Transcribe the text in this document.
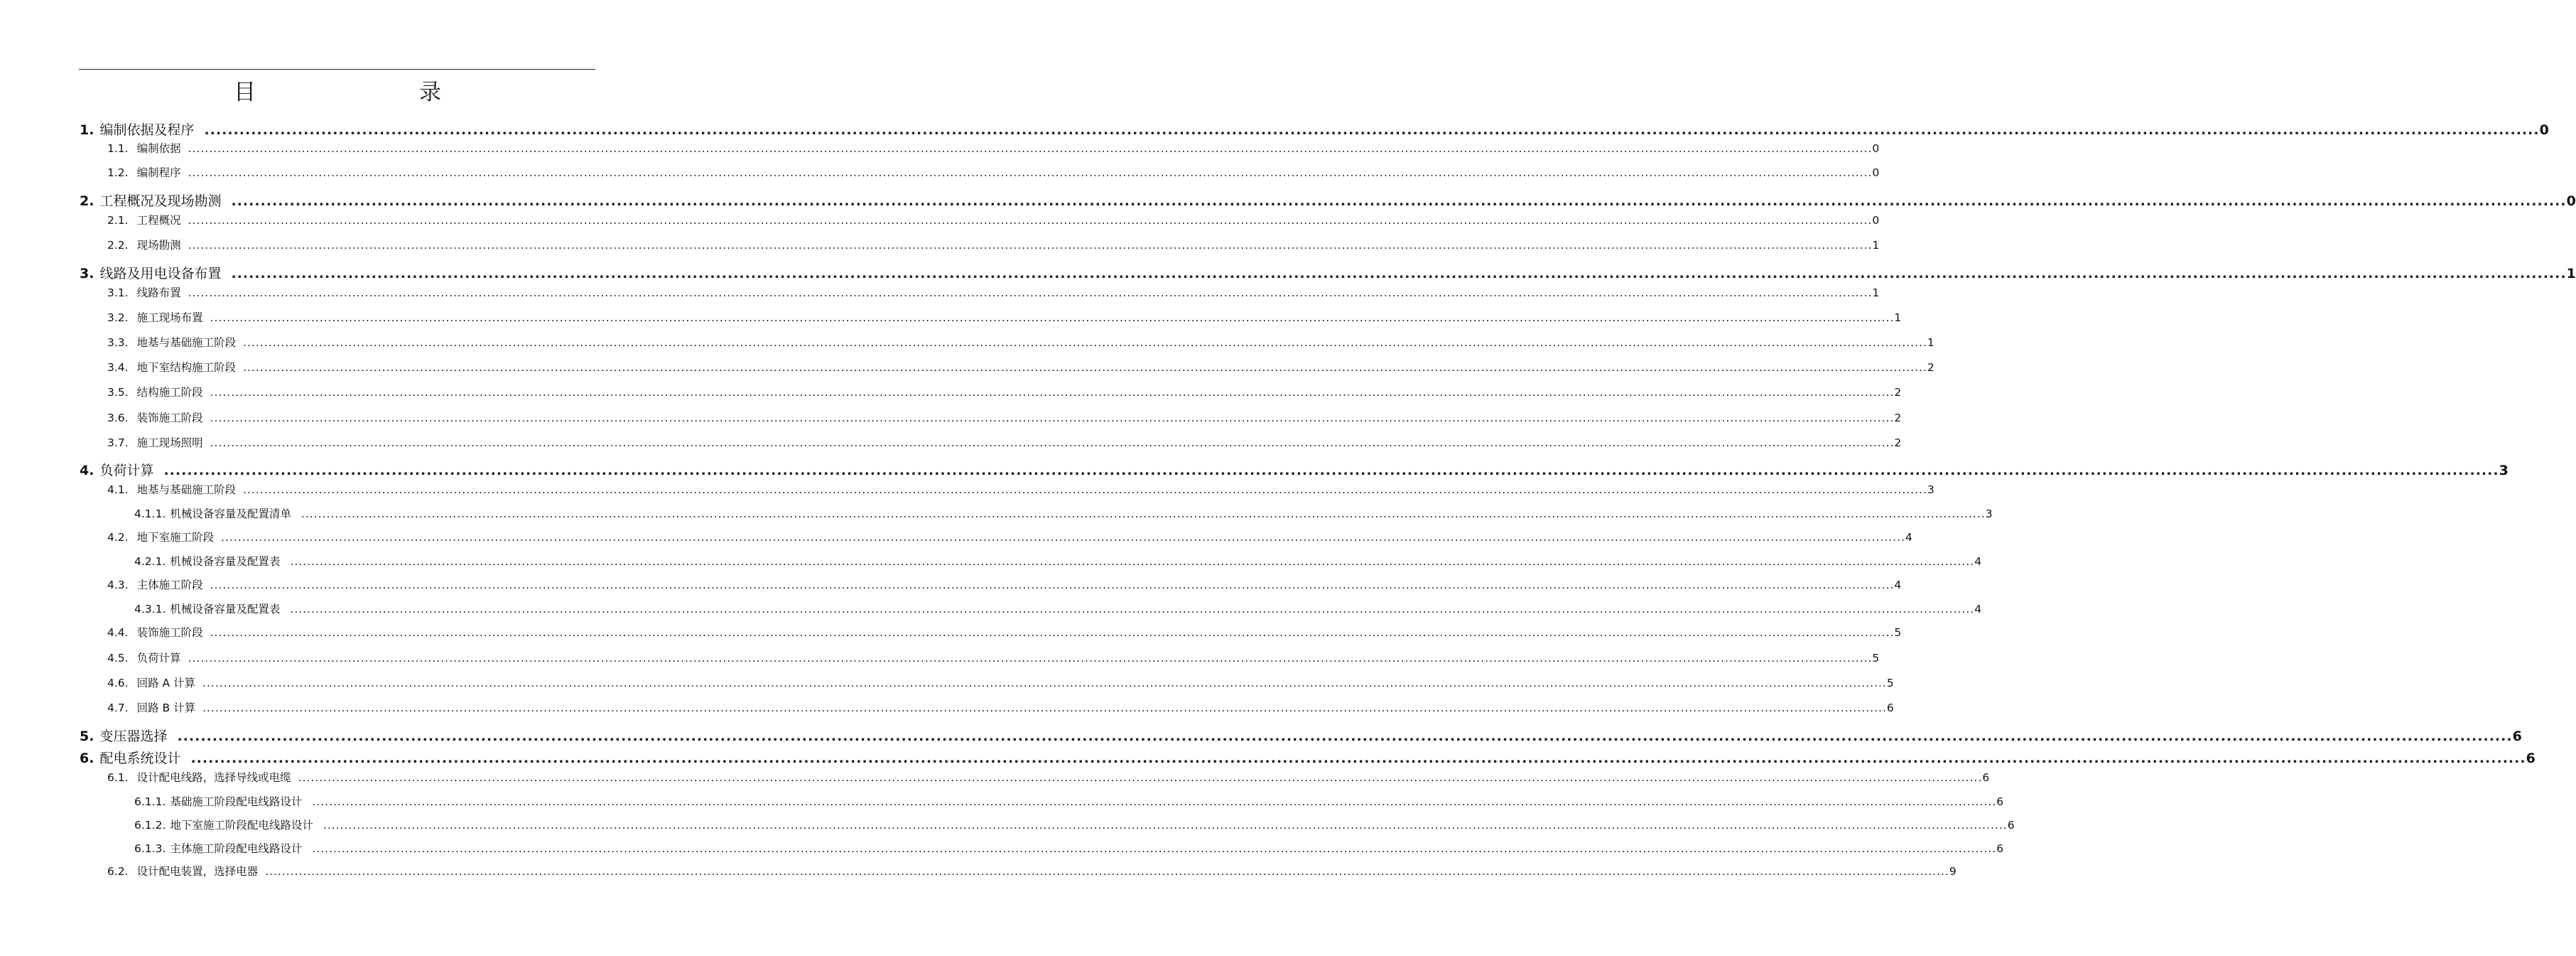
目　　录
1. 编制依据及程序 ................................................................................................................................................................................................................................................................................................................................................................................................................ 0
1.1. 编制依据 ................................................................................................................................................................................................................................................................................................................................................................................................................ 0
1.2. 编制程序 ................................................................................................................................................................................................................................................................................................................................................................................................................ 0
2. 工程概况及现场勘测 ................................................................................................................................................................................................................................................................................................................................................................................................................ 0
2.1. 工程概况 ................................................................................................................................................................................................................................................................................................................................................................................................................ 0
2.2. 现场勘测 ................................................................................................................................................................................................................................................................................................................................................................................................................ 1
3. 线路及用电设备布置 ................................................................................................................................................................................................................................................................................................................................................................................................................ 1
3.1. 线路布置 ................................................................................................................................................................................................................................................................................................................................................................................................................ 1
3.2. 施工现场布置 ................................................................................................................................................................................................................................................................................................................................................................................................................ 1
3.3. 地基与基础施工阶段 ................................................................................................................................................................................................................................................................................................................................................................................................................ 1
3.4. 地下室结构施工阶段 ................................................................................................................................................................................................................................................................................................................................................................................................................ 2
3.5. 结构施工阶段 ................................................................................................................................................................................................................................................................................................................................................................................................................ 2
3.6. 装饰施工阶段 ................................................................................................................................................................................................................................................................................................................................................................................................................ 2
3.7. 施工现场照明 ................................................................................................................................................................................................................................................................................................................................................................................................................ 2
4. 负荷计算 ................................................................................................................................................................................................................................................................................................................................................................................................................ 3
4.1. 地基与基础施工阶段 ................................................................................................................................................................................................................................................................................................................................................................................................................ 3
4.1.1. 机械设备容量及配置清单 ................................................................................................................................................................................................................................................................................................................................................................................................................ 3
4.2. 地下室施工阶段 ................................................................................................................................................................................................................................................................................................................................................................................................................ 4
4.2.1. 机械设备容量及配置表 ................................................................................................................................................................................................................................................................................................................................................................................................................ 4
4.3. 主体施工阶段 ................................................................................................................................................................................................................................................................................................................................................................................................................ 4
4.3.1. 机械设备容量及配置表 ................................................................................................................................................................................................................................................................................................................................................................................................................ 4
4.4. 装饰施工阶段 ................................................................................................................................................................................................................................................................................................................................................................................................................ 5
4.5. 负荷计算 ................................................................................................................................................................................................................................................................................................................................................................................................................ 5
4.6. 回路 A 计算 ................................................................................................................................................................................................................................................................................................................................................................................................................ 5
4.7. 回路 B 计算 ................................................................................................................................................................................................................................................................................................................................................................................................................ 6
5. 变压器选择 ................................................................................................................................................................................................................................................................................................................................................................................................................ 6
6. 配电系统设计 ................................................................................................................................................................................................................................................................................................................................................................................................................ 6
6.1. 设计配电线路，选择导线或电缆 ................................................................................................................................................................................................................................................................................................................................................................................................................ 6
6.1.1. 基础施工阶段配电线路设计 ................................................................................................................................................................................................................................................................................................................................................................................................................ 6
6.1.2. 地下室施工阶段配电线路设计 ................................................................................................................................................................................................................................................................................................................................................................................................................ 6
6.1.3. 主体施工阶段配电线路设计 ................................................................................................................................................................................................................................................................................................................................................................................................................ 6
6.2. 设计配电装置，选择电器 ................................................................................................................................................................................................................................................................................................................................................................................................................ 9
